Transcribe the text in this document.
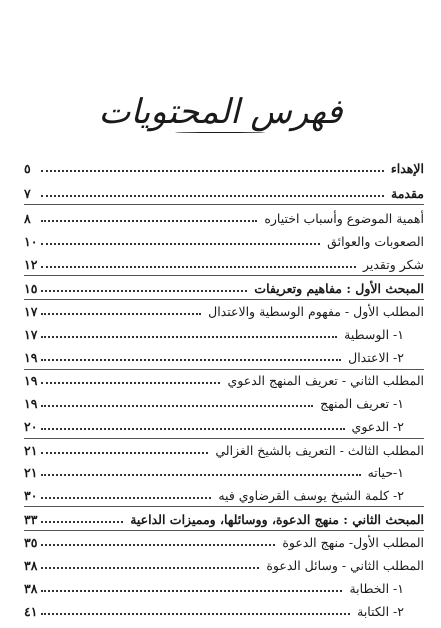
فهرس المحتويات
الإهداء
٥
مقدمة
٧
أهمية الموضوع وأسباب اختياره
٨
الصعوبات والعوائق
١٠
شكر وتقدير
١٢
المبحث الأول : مفاهيم وتعريفات
١٥
المطلب الأول - مفهوم الوسطية والاعتدال
١٧
١- الوسطية
١٧
٢- الاعتدال
١٩
المطلب الثاني - تعريف المنهج الدعوي
١٩
١- تعريف المنهج
١٩
٢- الدعوي
٢٠
المطلب الثالث - التعريف بالشيخ الغزالي
٢١
١-حياته
٢١
٢- كلمة الشيخ يوسف القرضاوي فيه
٣٠
المبحث الثاني : منهج الدعوة، ووسائلها، ومميزات الداعية
٣٣
المطلب الأول- منهج الدعوة
٣٥
المطلب الثاني - وسائل الدعوة
٣٨
١- الخطابة
٣٨
٢- الكتابة
٤١
